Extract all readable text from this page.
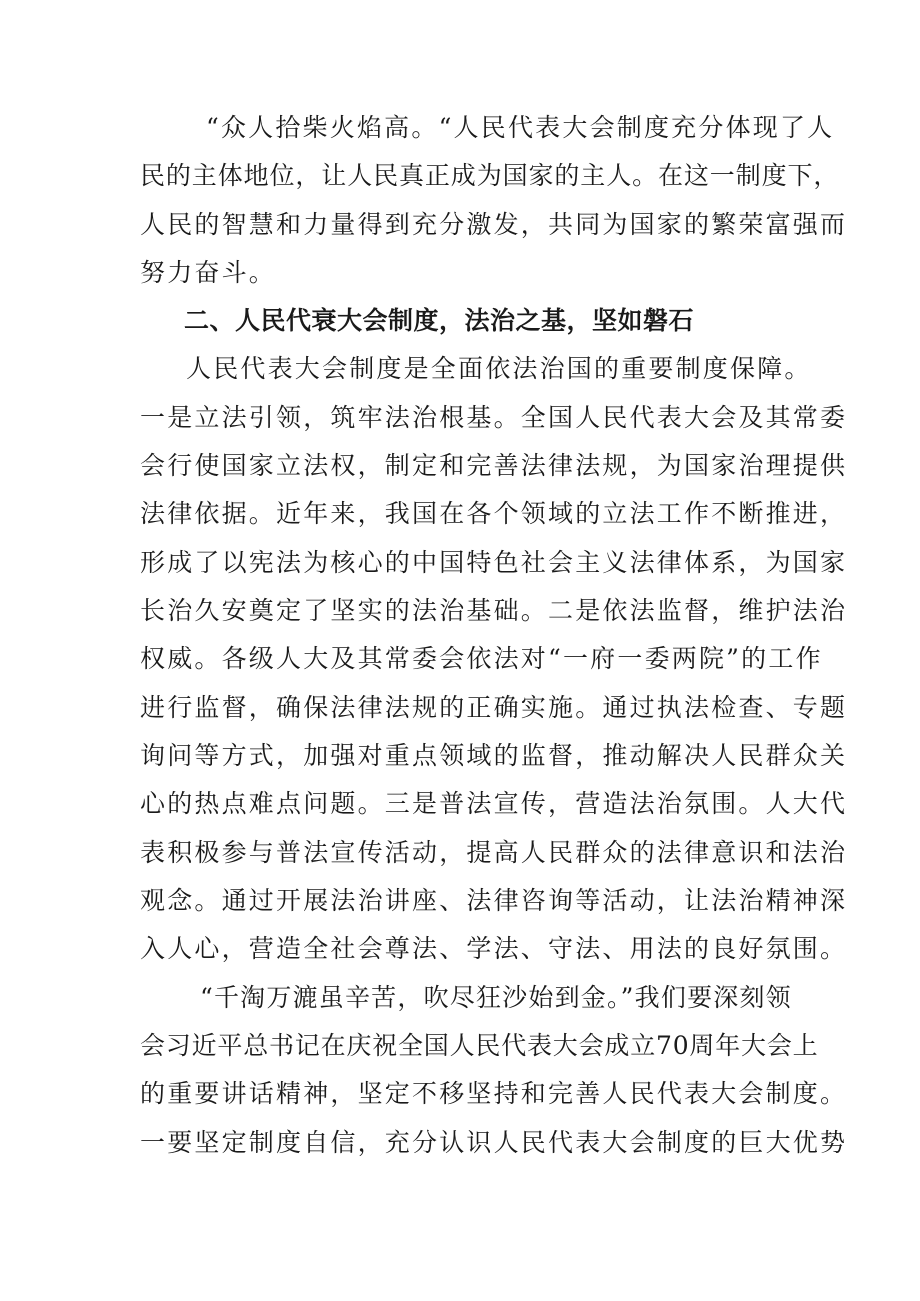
“众人拾柴火焰高。“人民代表大会制度充分体现了人
民的主体地位，让人民真正成为国家的主人。在这一制度下，
人民的智慧和力量得到充分激发，共同为国家的繁荣富强而
努力奋斗。
二、人民代衰大会制度，法治之基，坚如磐石
人民代表大会制度是全面依法治国的重要制度保障。
一是立法引领，筑牢法治根基。全国人民代表大会及其常委
会行使国家立法权，制定和完善法律法规，为国家治理提供
法律依据。近年来，我国在各个领域的立法工作不断推进，
形成了以宪法为核心的中国特色社会主义法律体系，为国家
长治久安奠定了坚实的法治基础。二是依法监督，维护法治
权威。各级人大及其常委会依法对“一府一委两院”的工作
进行监督，确保法律法规的正确实施。通过执法检查、专题
询问等方式，加强对重点领域的监督，推动解决人民群众关
心的热点难点问题。三是普法宣传，营造法治氛围。人大代
表积极参与普法宣传活动，提高人民群众的法律意识和法治
观念。通过开展法治讲座、法律咨询等活动，让法治精神深
入人心，营造全社会尊法、学法、守法、用法的良好氛围。
“千淘万漉虽辛苦，吹尽狂沙始到金。”我们要深刻领
会习近平总书记在庆祝全国人民代表大会成立70周年大会上
的重要讲话精神，坚定不移坚持和完善人民代表大会制度。
一要坚定制度自信，充分认识人民代表大会制度的巨大优势
